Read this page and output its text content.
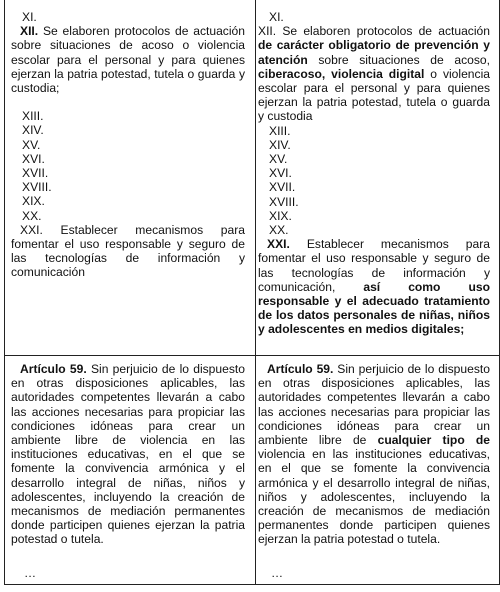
XI.

XII. Se elaboren protocolos de actuación sobre situaciones de acoso o violencia escolar para el personal y para quienes ejerzan la patria potestad, tutela o guarda y custodia;

XIII.

XIV.

XV.

XVI.

XVII.

XVIII.

XIX.

XX.

XXI. Establecer mecanismos para fomentar el uso responsable y seguro de las tecnologías de información y comunicación

XI.

XII. Se elaboren protocolos de actuación de carácter obligatorio de prevención y atención sobre situaciones de acoso, ciberacoso, violencia digital o violencia escolar para el personal y para quienes ejerzan la patria potestad, tutela o guarda y custodia

XIII.

XIV.

XV.

XVI.

XVII.

XVIII.

XIX.

XX.

XXI. Establecer mecanismos para fomentar el uso responsable y seguro de las tecnologías de información y comunicación, así como uso responsable y el adecuado tratamiento de los datos personales de niñas, niños y adolescentes en medios digitales;

Artículo 59. Sin perjuicio de lo dispuesto en otras disposiciones aplicables, las autoridades competentes llevarán a cabo las acciones necesarias para propiciar las condiciones idóneas para crear un ambiente libre de violencia en las instituciones educativas, en el que se fomente la convivencia armónica y el desarrollo integral de niñas, niños y adolescentes, incluyendo la creación de mecanismos de mediación permanentes donde participen quienes ejerzan la patria potestad o tutela.

…

Artículo 59. Sin perjuicio de lo dispuesto en otras disposiciones aplicables, las autoridades competentes llevarán a cabo las acciones necesarias para propiciar las condiciones idóneas para crear un ambiente libre de cualquier tipo de violencia en las instituciones educativas, en el que se fomente la convivencia armónica y el desarrollo integral de niñas, niños y adolescentes, incluyendo la creación de mecanismos de mediación permanentes donde participen quienes ejerzan la patria potestad o tutela.

…
